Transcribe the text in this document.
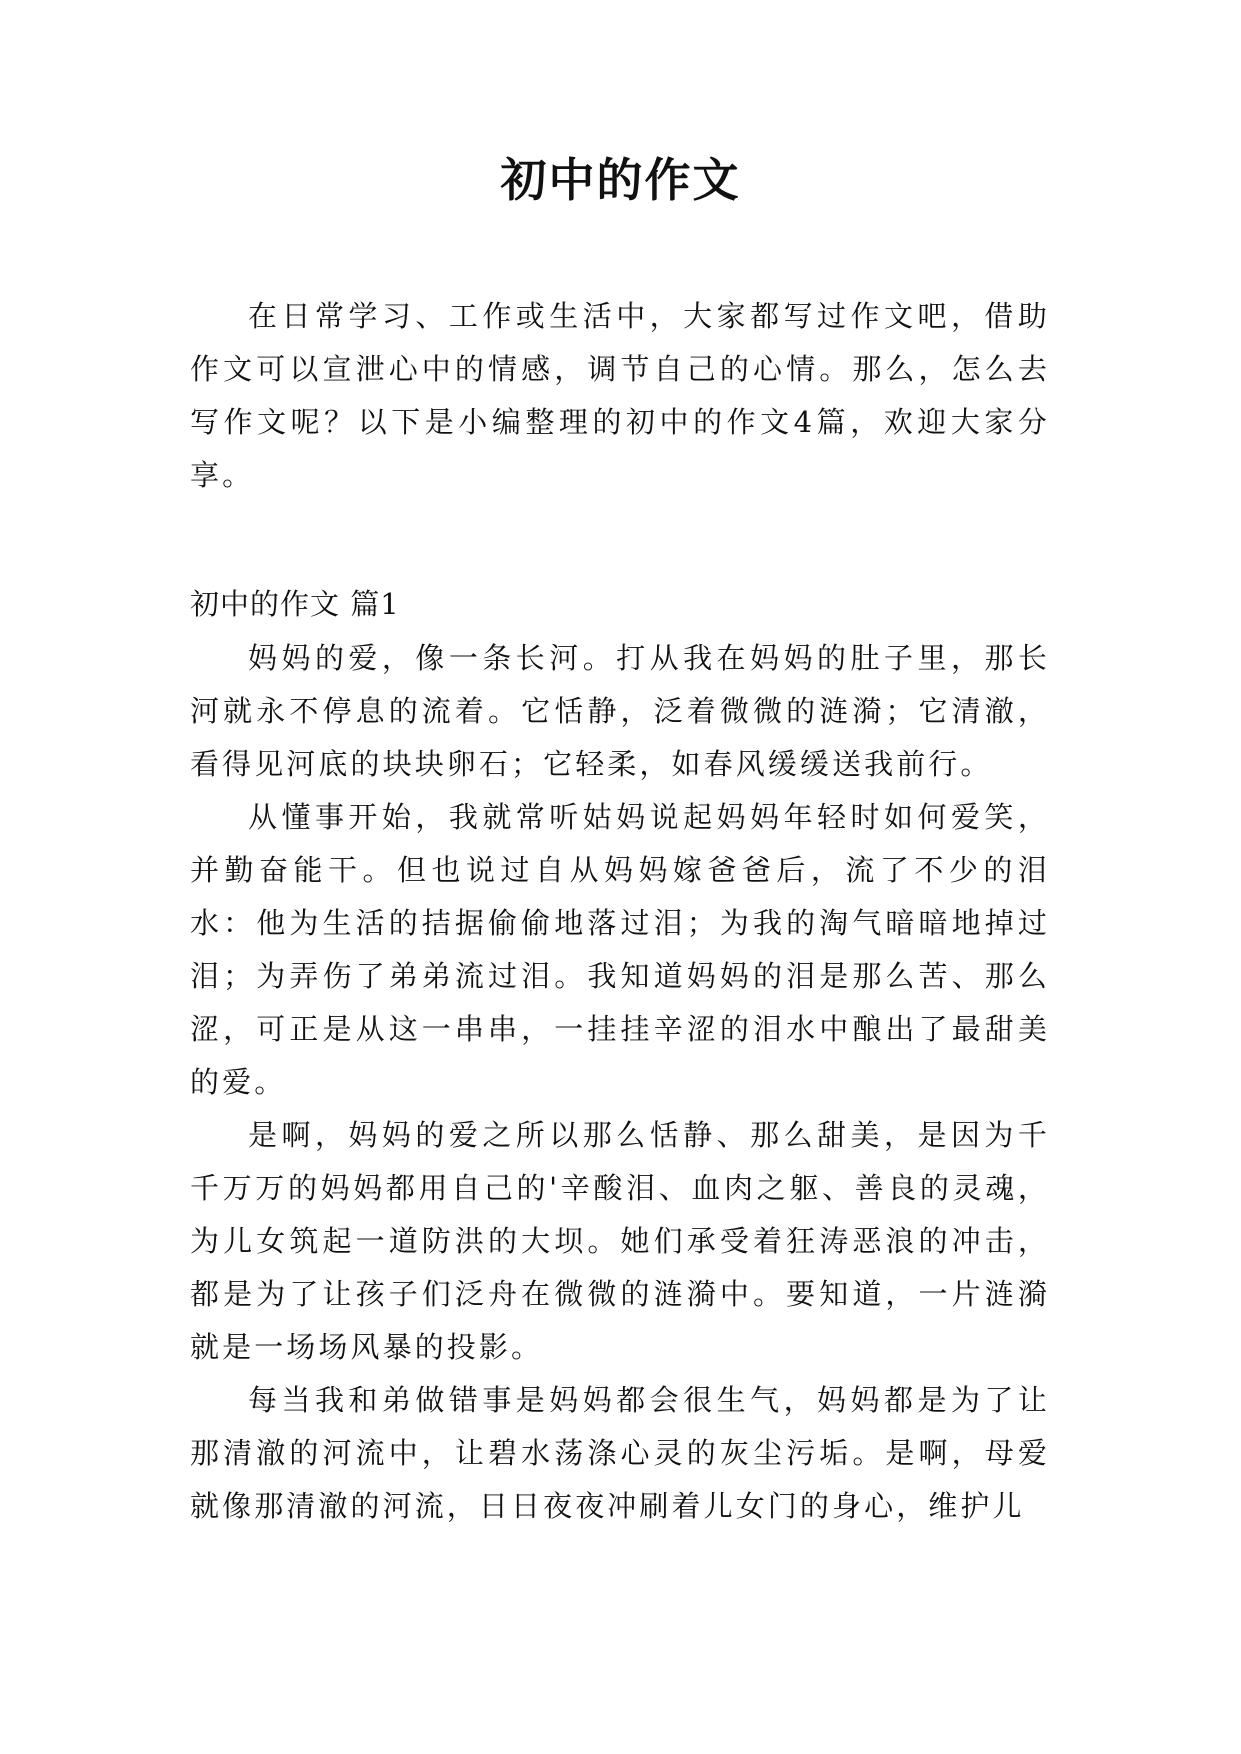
初中的作文

在日常学习、工作或生活中，大家都写过作文吧，借助作文可以宣泄心中的情感，调节自己的心情。那么，怎么去写作文呢？以下是小编整理的初中的作文4篇，欢迎大家分享。

初中的作文 篇1

妈妈的爱，像一条长河。打从我在妈妈的肚子里，那长河就永不停息的流着。它恬静，泛着微微的涟漪；它清澈，看得见河底的块块卵石；它轻柔，如春风缓缓送我前行。

从懂事开始，我就常听姑妈说起妈妈年轻时如何爱笑，并勤奋能干。但也说过自从妈妈嫁爸爸后，流了不少的泪水：他为生活的拮据偷偷地落过泪；为我的淘气暗暗地掉过泪；为弄伤了弟弟流过泪。我知道妈妈的泪是那么苦、那么涩，可正是从这一串串，一挂挂辛涩的泪水中酿出了最甜美的爱。

是啊，妈妈的爱之所以那么恬静、那么甜美，是因为千千万万的妈妈都用自己的'辛酸泪、血肉之躯、善良的灵魂，为儿女筑起一道防洪的大坝。她们承受着狂涛恶浪的冲击，都是为了让孩子们泛舟在微微的涟漪中。要知道，一片涟漪就是一场场风暴的投影。

每当我和弟做错事是妈妈都会很生气，妈妈都是为了让那清澈的河流中，让碧水荡涤心灵的灰尘污垢。是啊，母爱就像那清澈的河流，日日夜夜冲刷着儿女门的身心，维护儿
